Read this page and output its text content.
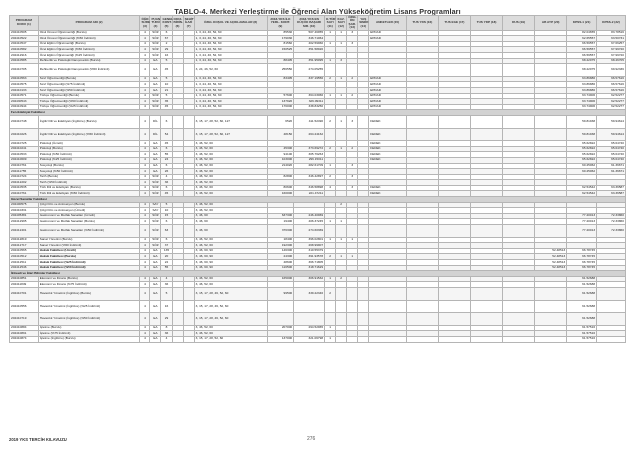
TABLO-4. Merkezi Yerleştirme ile Öğrenci Alan Yükseköğretim Lisans Programları
PROGRAM KODU (1)	PROGRAM ADI (2)	ÖĞR. SÜRE (3)	PUAN TÜRÜ (4)	GENEL KONT. (5)	OKUL BİRİN. (6)	ŞEHİT GAZİ (7)	ÖZEL KOŞUL VE AÇIKLAMALAR (8)	2018-YKS İLK YERL. KONT. (9)	2018-YKS EN KÜÇÜK BAŞARI SIR. (10)	K.TÜR SAYI (11)	KAZ. SAYI (12)	ÖZEL ÖN ŞAR. (13)	YAŞ SINIRI (14)	ANKETLER (15)	TUS YDS (16)	TUS EGE (17)	TUS YDP (18)	DUS (19)	AB AYP (20)	KPSS-1 (21)	KPSS-2 (22)
202410505	Okul Öncesi Öğretmenliği (Burslu)	4	SÖZ	6			1, 3, 24, 46, 52, 60	85530	507.46955	1	1	3		EPDAD						82.04655	83.78516
202410522	Okul Öncesi Öğretmenliği (%50 İndirimli)	4	SÖZ	67			1, 3, 24, 46, 52, 60	179030	346.71064					EPDAD						62.65557	63.50731
202410547	Özel Eğitim Öğretmenliği (Burslu)	4	SÖZ	2			1, 3, 24, 46, 52, 60	81560	402.59960	1	1	3								66.59557	67.66257
202410582	Özel Eğitim Öğretmenliği (%50 İndirimli)	4	SÖZ	29			1, 3, 24, 46, 52, 60	150525	351.58920											66.59557	67.99720
202412916	Özel Eğitim Öğretmenliği (%25 İndirimli)	4	SÖZ	16			1, 3, 24, 46, 52, 60													66.59557	67.99720
202410585	Rehberlik ve Psikolojik Danışmanlık (Burslu)	4	EA	5			1, 3, 24, 46, 52, 60	88405	351.95095	1	3									68.22075	68.46705
202410705	Rehberlik ve Psikolojik Danışmanlık (%50 İndirimli)	4	EA	45			3, 24, 46, 52, 60	256550	274.05255											68.22075	69.92336
202410563	Sınıf Öğretmenliği (Burslu)	4	EA	5			1, 3, 24, 46, 52, 60	83405	337.19556	2	1	2		EPDAD						63.86886	66.57616
202410575	Sınıf Öğretmenliği (%75 İndirimli)	4	EA	10			1, 3, 24, 46, 52, 60							EPDAD						63.86886	66.57616
202410133	Sınıf Öğretmenliği (%50 İndirimli)	4	EA	21			1, 3, 24, 46, 52, 60							EPDAD						63.86886	66.57616
202410571	Türkçe Öğretmenliği (Burslu)	4	SÖZ	5			1, 3, 24, 46, 52, 60	57600	364.03066	1	1	2		EPDAD						63.74906	62.52277
202430543	Türkçe Öğretmenliği (%50 İndirimli)	4	SÖZ	35			1, 3, 24, 46, 52, 60	137920	326.09311					EPDAD						63.74906	62.52277
202410944	Türkçe Öğretmenliği (%25 İndirimli)	4	SÖZ	45			1, 3, 24, 46, 52, 60	176000	338.83250					EPDAD						63.74906	62.52277
Fen-Edebiyat Fakültesi																					
202410748	İngiliz Dili ve Edebiyatı (İngilizce) (Burslu)	4	DİL	6			3, 15, 17, 28, 52, 60, 127	6520	411.52490	2	1	3		FEDEK						59.81938	59.94614
202410226	İngiliz Dili ve Edebiyatı (İngilizce) (%50 İndirimli)	4	DİL	54			3, 15, 17, 28, 52, 60, 127	48150	264.24162					FEDEK						59.81938	59.94614
202410725	Psikoloji (Ücretli)	4	EA	45			3, 46, 52, 60							FEDEK						65.62822	65.64740
202410241	Psikoloji (Burslu)	4	EA	6			3, 46, 52, 60	45300	373.69272	2	1	2		FEDEK						65.62822	65.64740
202410533	Psikoloji (%50 İndirimli)	4	EA	55			3, 46, 52, 60	94100	305.76263					FEDEK						65.62822	65.64740
202410609	Psikoloji (%25 İndirimli)	4	EA	24			3, 46, 52, 60	103000	296.15011					FEDEK						65.62822	65.64740
202410761	Sosyoloji (Burslu)	4	EA	6			3, 46, 52, 60	214020	282.61709	1		3								60.25062	61.36671
202411755	Sosyoloji (%50 İndirimli)	4	EA	26			3, 46, 52, 60													60.25062	61.36671
202410724	Tarih (Burslu)	4	SÖZ	4			3, 46, 52, 60	82800	346.42897	2		3									
202412202	Tarih (%50 İndirimli)	4	SÖZ	36			3, 46, 52, 60														
202410535	Türk Dili ve Edebiyatı (Burslu)	4	SÖZ	6			3, 46, 52, 60	80600	346.58898	4		3		FEDEK						62.54542	63.36587
202410761	Türk Dili ve Edebiyatı (%50 İndirimli)	4	SÖZ	45			3, 46, 52, 60	160000	221.47211					FEDEK						62.54542	63.36587
Güzel Sanatlar Fakültesi																					
202400575	Çizgi Film ve Animasyon (Burslu)	4	SAY	5			3, 46, 52, 60				2										
202410331	Çizgi Film ve Animasyon (Ücretli)	4	SAY	10			3, 46, 52, 60														
202405381	Gastronomi ve Mutfak Sanatları (Ücretli)	4	SÖZ	15			3, 46, 60	637300	246.40969											77.20013	72.33860
202412995	Gastronomi ve Mutfak Sanatları (Burslu)	4	SÖZ	6			3, 46, 60	19400	406.37245	1	1									77.20013	72.33860
202412401	Gastronomi ve Mutfak Sanatları (%50 İndirimli)	4	SÖZ	63			3, 46, 60	376300	274.60369											77.20013	72.33860
202412819	Sanat Yönetimi (Burslu)	4	SÖZ	6			3, 46, 52, 60	18400	396.02801	1	1	1									
202412717	Sanat Yönetimi (%50 İndirimli)	4	SÖZ	37			3, 46, 52, 60	192300	268.99907												
202410565	Hukuk Fakültesi (Ücretli)	4	EA	135			3, 46, 60, 90	146300	310.55379										52.48513	66.78745	
202410512	Hukuk Fakültesi (Burslu)	4	EA	20			3, 46, 60, 90	24300	391.93578	2	1	1							52.48513	66.78745	
202412511	Hukuk Fakültesi (%25 İndirimli)	4	EA	22			3, 46, 60, 90	48600	366.71805										52.48513	66.78745	
202412546	Hukuk Fakültesi (%50 İndirimli)	4	EA	55			3, 46, 60, 90	116500	318.71629										52.48513	66.78745	
İktisadi ve İdari Bilimler Fakültesi																					
202410851	Ekonomi ve Finans (Burslu)	4	EA	4			3, 46, 52, 60	165000	306.91532	1	2									61.52688	
202411849	Ekonomi ve Finans (%75 İndirimli)	4	EA	36			3, 46, 52, 60													61.52688	
202410701	Havacılık Yönetimi (İngilizce) (Burslu)	4	EA	5			3, 15, 17, 28, 46, 52, 60	99500	339.22346	2										61.52688	
202410556	Havacılık Yönetimi (İngilizce) (%25 İndirimli)	4	EA	16			3, 15, 17, 28, 46, 52, 60													61.52688	
202410719	Havacılık Yönetimi (İngilizce) (%50 İndirimli)	4	EA	29			3, 15, 17, 28, 46, 52, 60													61.52688	
202410884	İşletme (Burslu)	4	EA	8			3, 46, 52, 60	207000	294.52965	1										61.57516	
202410891	İşletme (%75 İndirimli)	4	EA	36			3, 46, 52, 60													61.57516	
202410874	İşletme (İngilizce) (Burslu)	4	EA	4			3, 15, 17, 28, 52, 60	137000	321.06798	1										61.57516	
2019 YKS TERCİH KILAVUZU	276
